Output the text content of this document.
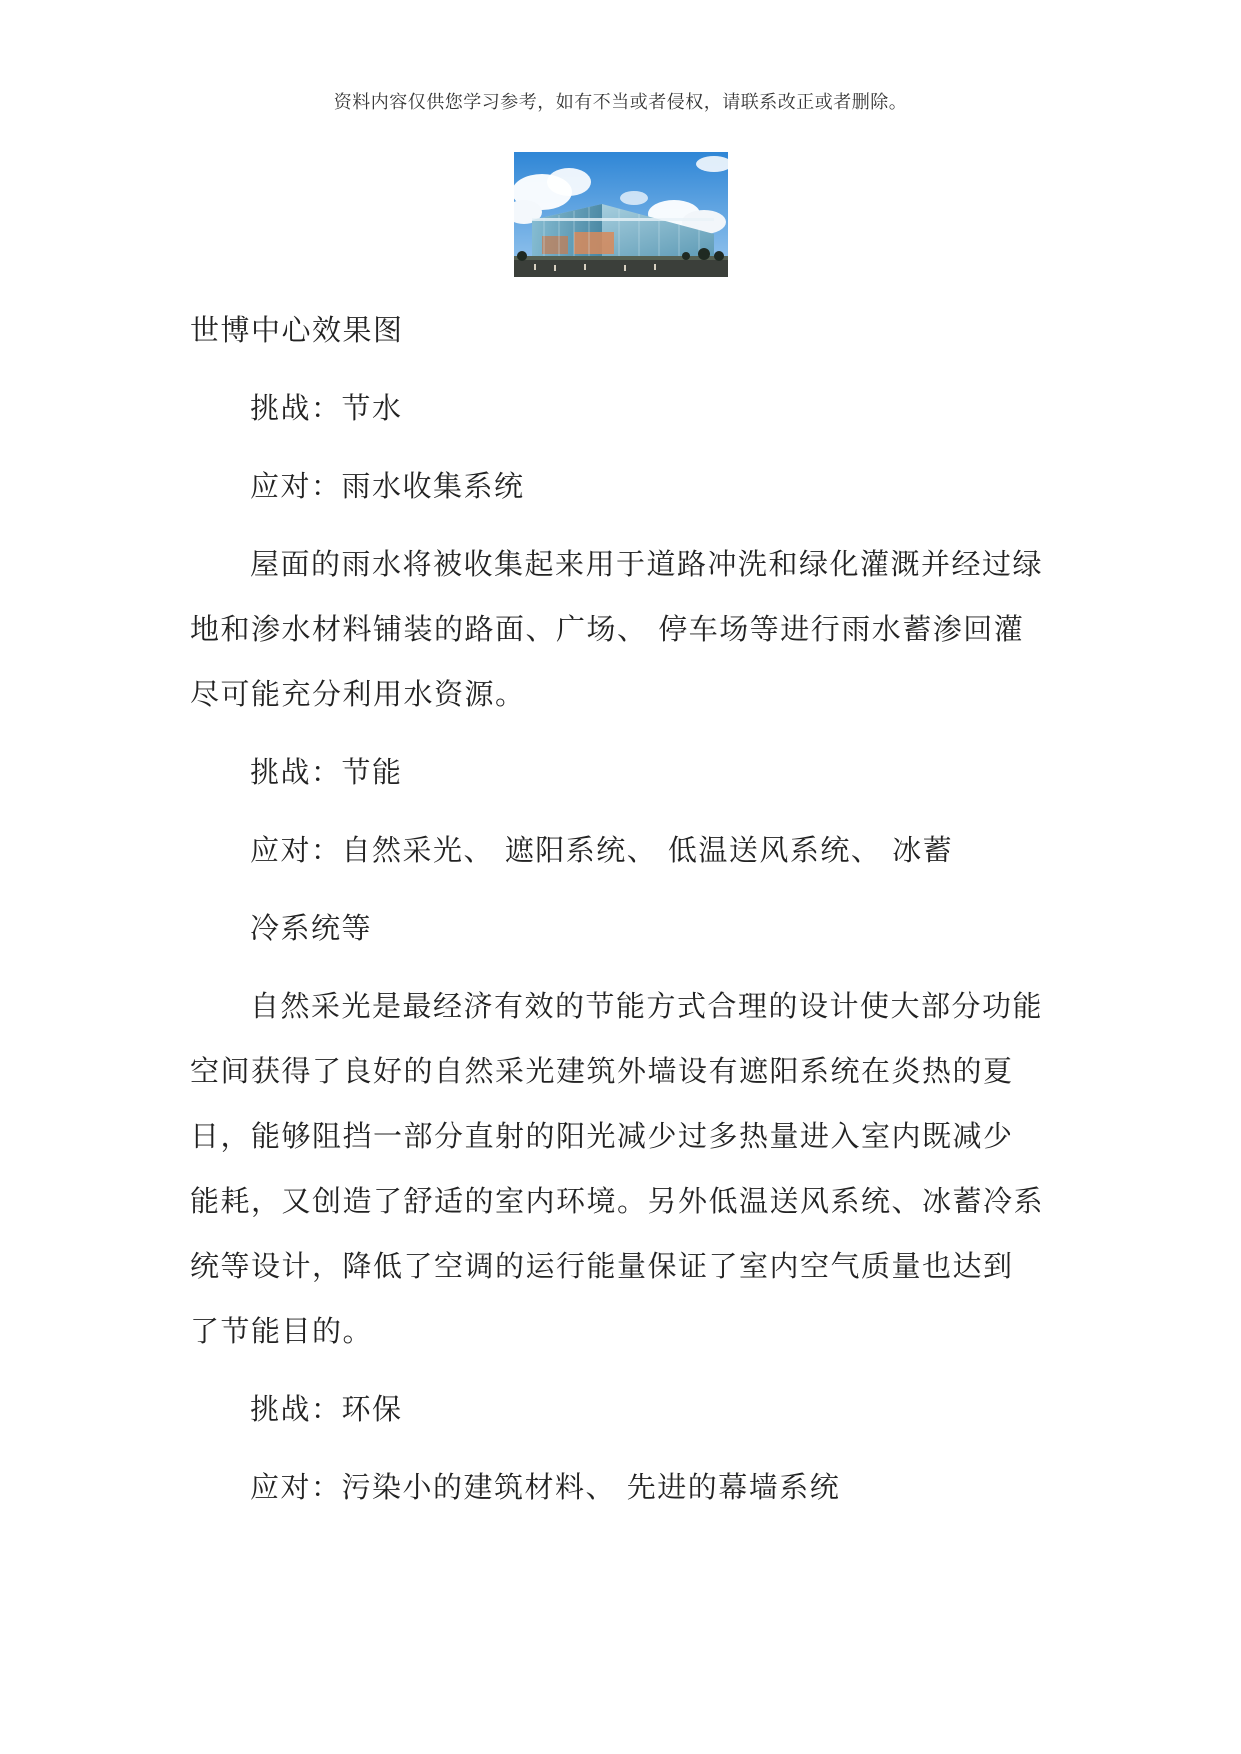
资料内容仅供您学习参考，如有不当或者侵权，请联系改正或者删除。
世博中心效果图
挑战：节水
应对：雨水收集系统
屋面的雨水将被收集起来用于道路冲洗和绿化灌溉并经过绿
地和渗水材料铺装的路面、广场、 停车场等进行雨水蓄渗回灌
尽可能充分利用水资源。
挑战：节能
应对：自然采光、 遮阳系统、 低温送风系统、 冰蓄
冷系统等
自然采光是最经济有效的节能方式合理的设计使大部分功能
空间获得了良好的自然采光建筑外墙设有遮阳系统在炎热的夏
日，能够阻挡一部分直射的阳光减少过多热量进入室内既减少
能耗，又创造了舒适的室内环境。另外低温送风系统、冰蓄冷系
统等设计，降低了空调的运行能量保证了室内空气质量也达到
了节能目的。
挑战：环保
应对：污染小的建筑材料、 先进的幕墙系统
